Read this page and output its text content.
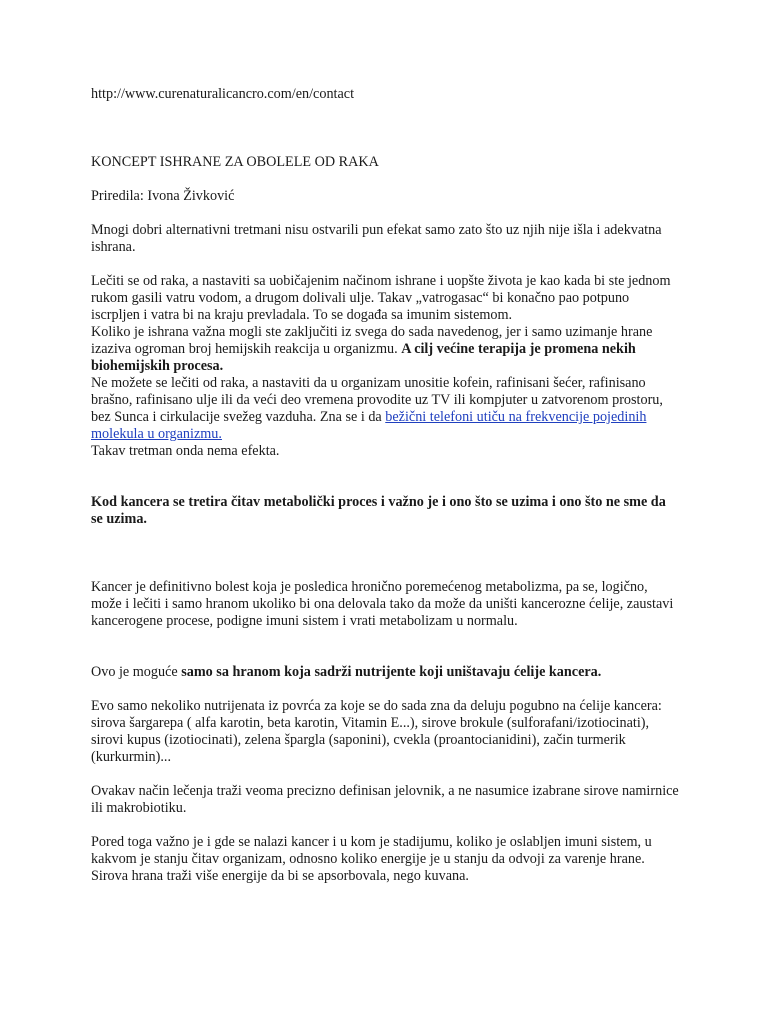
http://www.curenaturalicancro.com/en/contact

KONCEPT ISHRANE ZA OBOLELE OD RAKA

Priredila: Ivona Živković

Mnogi dobri alternativni tretmani nisu ostvarili pun efekat samo zato što uz njih nije išla i adekvatna ishrana.

Lečiti se od raka, a nastaviti sa uobičajenim načinom ishrane i uopšte života je kao kada bi ste jednom rukom gasili vatru vodom, a drugom dolivali ulje. Takav „vatrogasac“ bi konačno pao potpuno iscrpljen i vatra bi na kraju prevladala. To se događa sa imunim sistemom.

Koliko je ishrana važna mogli ste zaključiti iz svega do sada navedenog, jer i samo uzimanje hrane izaziva ogroman broj hemijskih reakcija u organizmu. A cilj većine terapija je promena nekih biohemijskih procesa.

Ne možete se lečiti od raka, a nastaviti da u organizam unositie kofein, rafinisani šećer, rafinisano brašno, rafinisano ulje ili da veći deo vremena provodite uz TV ili kompjuter u zatvorenom prostoru, bez Sunca i cirkulacije svežeg vazduha. Zna se i da bežični telefoni utiču na frekvencije pojedinih molekula u organizmu.

Takav tretman onda nema efekta.

Kod kancera se tretira čitav metabolički proces i važno je i ono što se uzima i ono što ne sme da se uzima.

Kancer je definitivno bolest koja je posledica hronično poremećenog metabolizma, pa se, logično, može i lečiti i samo hranom ukoliko bi ona delovala tako da može da uništi kancerozne ćelije, zaustavi kancerogene procese, podigne imuni sistem i vrati metabolizam u normalu.

Ovo je moguće samo sa hranom koja sadrži nutrijente koji uništavaju ćelije kancera.

Evo samo nekoliko nutrijenata iz povrća za koje se do sada zna da deluju pogubno na ćelije kancera: sirova šargarepa ( alfa karotin, beta karotin, Vitamin E...), sirove brokule (sulforafani/izotiocinati), sirovi kupus (izotiocinati), zelena špargla (saponini), cvekla (proantocianidini), začin turmerik (kurkurmin)...

Ovakav način lečenja traži veoma precizno definisan jelovnik, a ne nasumice izabrane sirove namirnice ili makrobiotiku.

Pored toga važno je i gde se nalazi kancer i u kom je stadijumu, koliko je oslabljen imuni sistem, u kakvom je stanju čitav organizam, odnosno koliko energije je u stanju da odvoji za varenje hrane. Sirova hrana traži više energije da bi se apsorbovala, nego kuvana.
